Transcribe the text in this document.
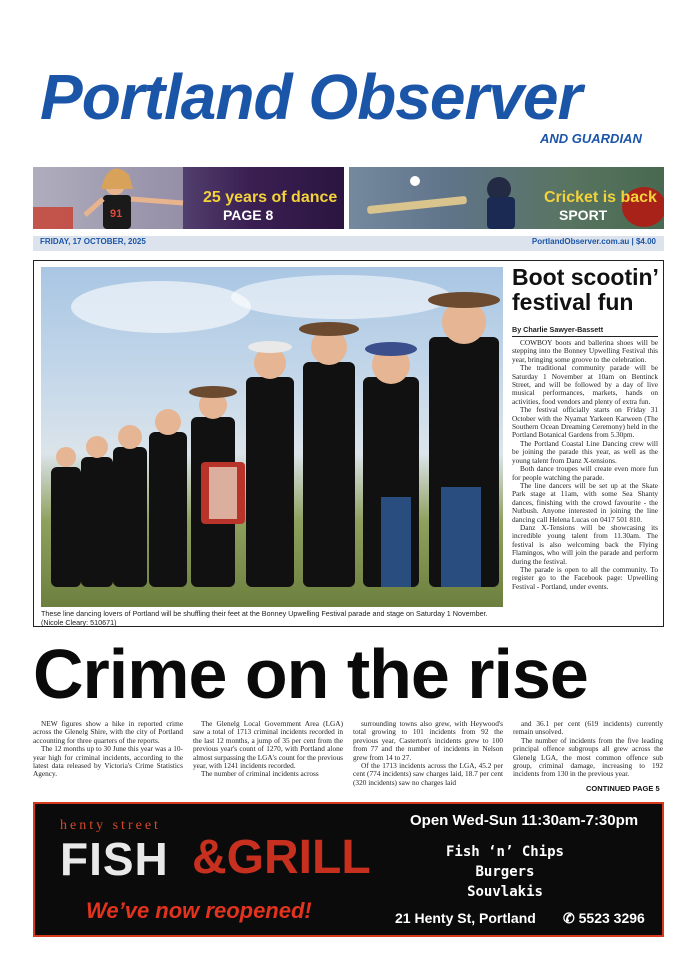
Portland Observer
AND GUARDIAN
91
25 years of dance
PAGE 8
Cricket is back
SPORT
FRIDAY, 17 OCTOBER, 2025	PortlandObserver.com.au | $4.00
These line dancing lovers of Portland will be shuffling their feet at the Bonney Upwelling Festival parade and stage on Saturday 1 November. (Nicole Cleary: 510671)
Boot scootin’ festival fun
By Charlie Sawyer-Bassett

COWBOY boots and ballerina shoes will be stepping into the Bonney Upwelling Festival this year, bringing some groove to the celebration.

The traditional community parade will be Saturday 1 November at 10am on Bentinck Street, and will be followed by a day of live musical performances, markets, hands on activities, food vendors and plenty of extra fun.

The festival officially starts on Friday 31 October with the Nyamat Yarkeen Karween (The Southern Ocean Dreaming Ceremony) held in the Portland Botanical Gardens from 5.30pm.

The Portland Coastal Line Dancing crew will be joining the parade this year, as well as the young talent from Danz X-tensions.

Both dance troupes will create even more fun for people watching the parade.

The line dancers will be set up at the Skate Park stage at 11am, with some Sea Shanty dances, finishing with the crowd favourite - the Nutbush. Anyone interested in joining the line dancing call Helena Lucas on 0417 501 810.

Danz X-Tensions will be showcasing its incredible young talent from 11.30am. The festival is also welcoming back the Flying Flamingos, who will join the parade and perform during the festival.

The parade is open to all the community. To register go to the Facebook page: Upwelling Festival - Portland, under events.

Crime on the rise

NEW figures show a hike in reported crime across the Glenelg Shire, with the city of Portland accounting for three quarters of the reports.

The 12 months up to 30 June this year was a 10-year high for criminal incidents, according to the latest data released by Victoria's Crime Statistics Agency.

The Glenelg Local Government Area (LGA) saw a total of 1713 criminal incidents recorded in the last 12 months, a jump of 35 per cent from the previous year's count of 1270, with Portland alone almost surpassing the LGA's count for the previous year, with 1241 incidents recorded.

The number of criminal incidents across

surrounding towns also grew, with Heywood's total growing to 101 incidents from 92 the previous year, Casterton's incidents grew to 100 from 77 and the number of incidents in Nelson grew from 14 to 27.

Of the 1713 incidents across the LGA, 45.2 per cent (774 incidents) saw charges laid, 18.7 per cent (320 incidents) saw no charges laid

and 36.1 per cent (619 incidents) currently remain unsolved.

The number of incidents from the five leading principal offence subgroups all grew across the Glenelg LGA, the most common offence sub group, criminal damage, increasing to 192 incidents from 130 in the previous year.

CONTINUED PAGE 5
henty street
FISH &GRILL
We’ve now reopened!
Open Wed-Sun 11:30am-7:30pm
Fish ‘n’ Chips
Burgers
Souvlakis
21 Henty St, Portland ✆ 5523 3296
